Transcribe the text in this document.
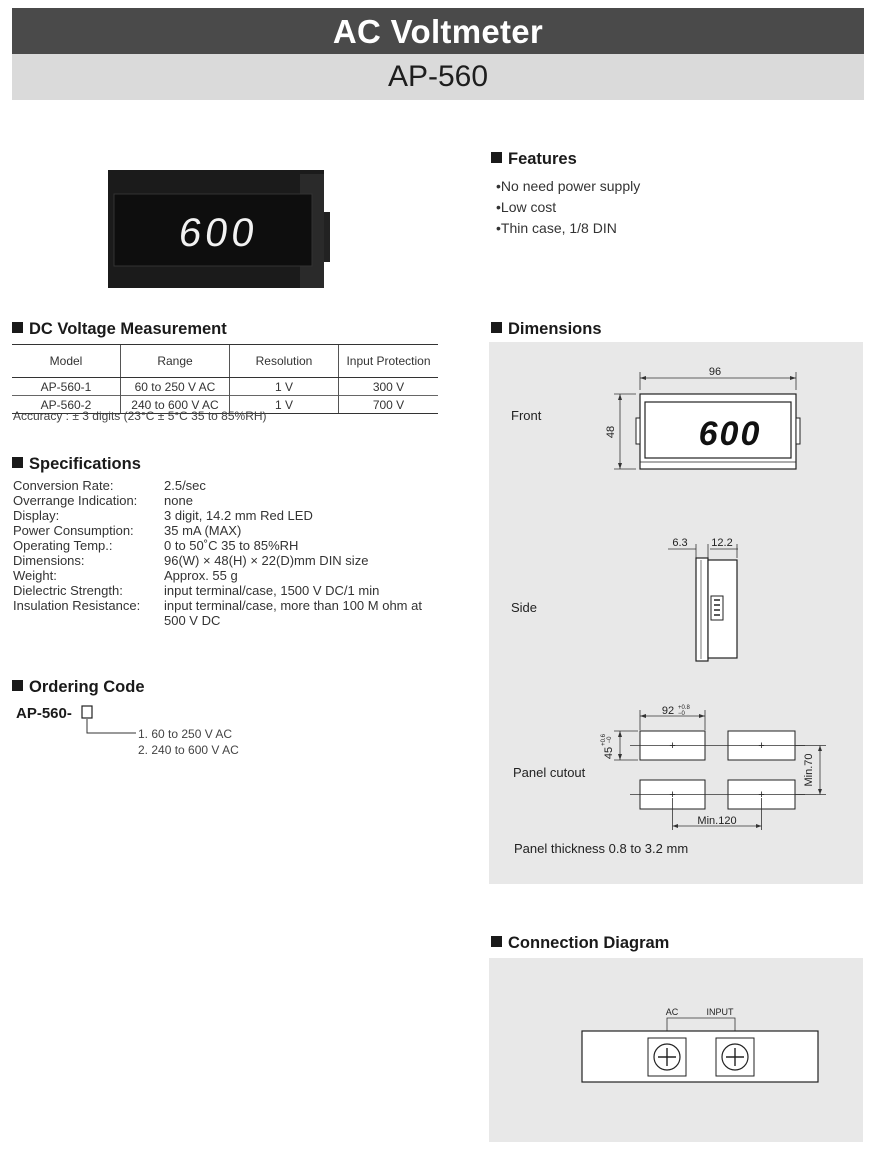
AC Voltmeter
AP-560
600
Features
•No need power supply
•Low cost
•Thin case, 1/8 DIN
DC Voltage Measurement
Model	Range	Resolution	Input Protection
AP-560-1	60 to 250 V AC	1 V	300 V
AP-560-2	240 to 600 V AC	1 V	700 V
Accuracy : ± 3 digits (23°C ± 5°C 35 to 85%RH)
Specifications
Conversion Rate:	2.5/sec
Overrange Indication:	none
Display:	3 digit, 14.2 mm Red LED
Power Consumption:	35 mA (MAX)
Operating Temp.:	0 to 50˚C 35 to 85%RH
Dimensions:	96(W) × 48(H) × 22(D)mm DIN size
Weight:	Approx. 55 g
Dielectric Strength:	input terminal/case, 1500 V DC/1 min
Insulation Resistance:	input terminal/case, more than 100 M ohm at 500 V DC
Ordering Code
AP-560-
1. 60 to 250 V AC
2. 240 to 600 V AC
Dimensions
Front
96
48 600
Side
6.3 12.2
Panel cutout
92 +0.8
−0
45
+0.6 −0	+	+
+	+
Min.70
Min.120
Panel thickness 0.8 to 3.2 mm
Connection Diagram
AC	INPUT
